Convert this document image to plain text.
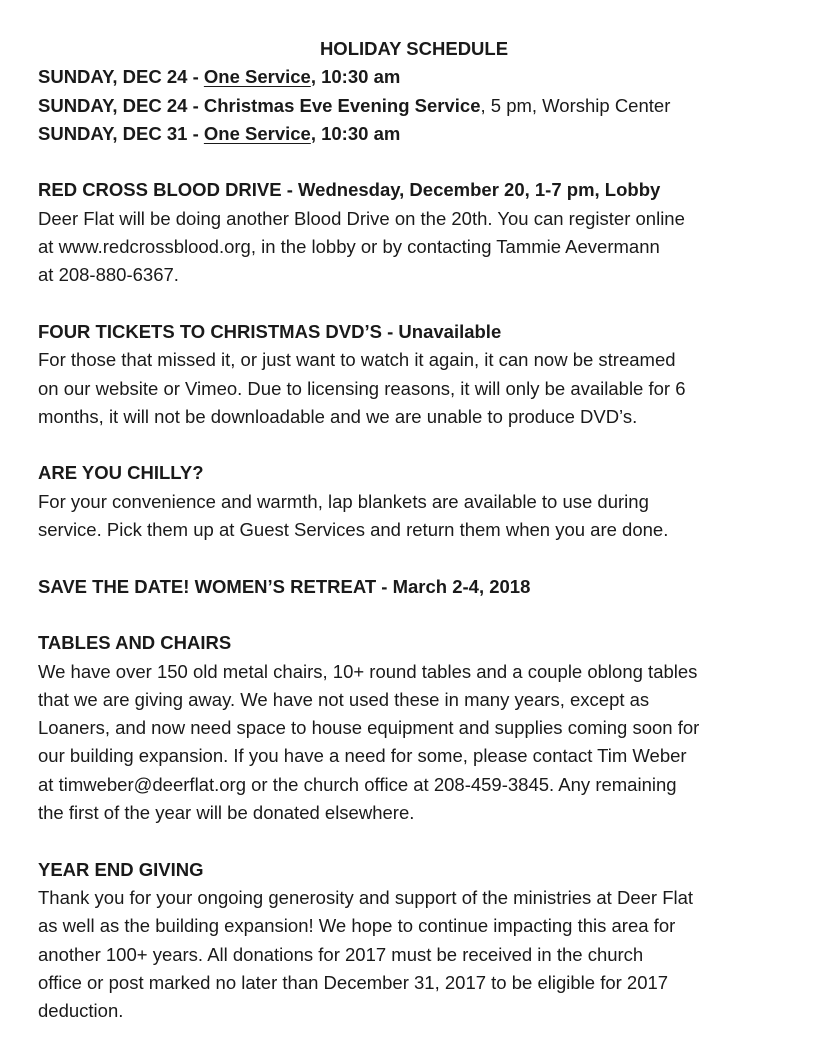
HOLIDAY SCHEDULE
SUNDAY, DEC 24 - One Service, 10:30 am
SUNDAY, DEC 24 - Christmas Eve Evening Service, 5 pm, Worship Center
SUNDAY, DEC 31 - One Service, 10:30 am
RED CROSS BLOOD DRIVE - Wednesday, December 20, 1-7 pm, Lobby
Deer Flat will be doing another Blood Drive on the 20th. You can register online
at www.redcrossblood.org, in the lobby or by contacting Tammie Aevermann
at 208-880-6367.
FOUR TICKETS TO CHRISTMAS DVD’S - Unavailable
For those that missed it, or just want to watch it again, it can now be streamed
on our website or Vimeo. Due to licensing reasons, it will only be available for 6
months, it will not be downloadable and we are unable to produce DVD’s.
ARE YOU CHILLY?
For your convenience and warmth, lap blankets are available to use during
service. Pick them up at Guest Services and return them when you are done.
SAVE THE DATE! WOMEN’S RETREAT - March 2-4, 2018
TABLES AND CHAIRS
We have over 150 old metal chairs, 10+ round tables and a couple oblong tables
that we are giving away. We have not used these in many years, except as
Loaners, and now need space to house equipment and supplies coming soon for
our building expansion. If you have a need for some, please contact Tim Weber
at timweber@deerflat.org or the church office at 208-459-3845. Any remaining
the first of the year will be donated elsewhere.
YEAR END GIVING
Thank you for your ongoing generosity and support of the ministries at Deer Flat
as well as the building expansion! We hope to continue impacting this area for
another 100+ years. All donations for 2017 must be received in the church
office or post marked no later than December 31, 2017 to be eligible for 2017
deduction.
